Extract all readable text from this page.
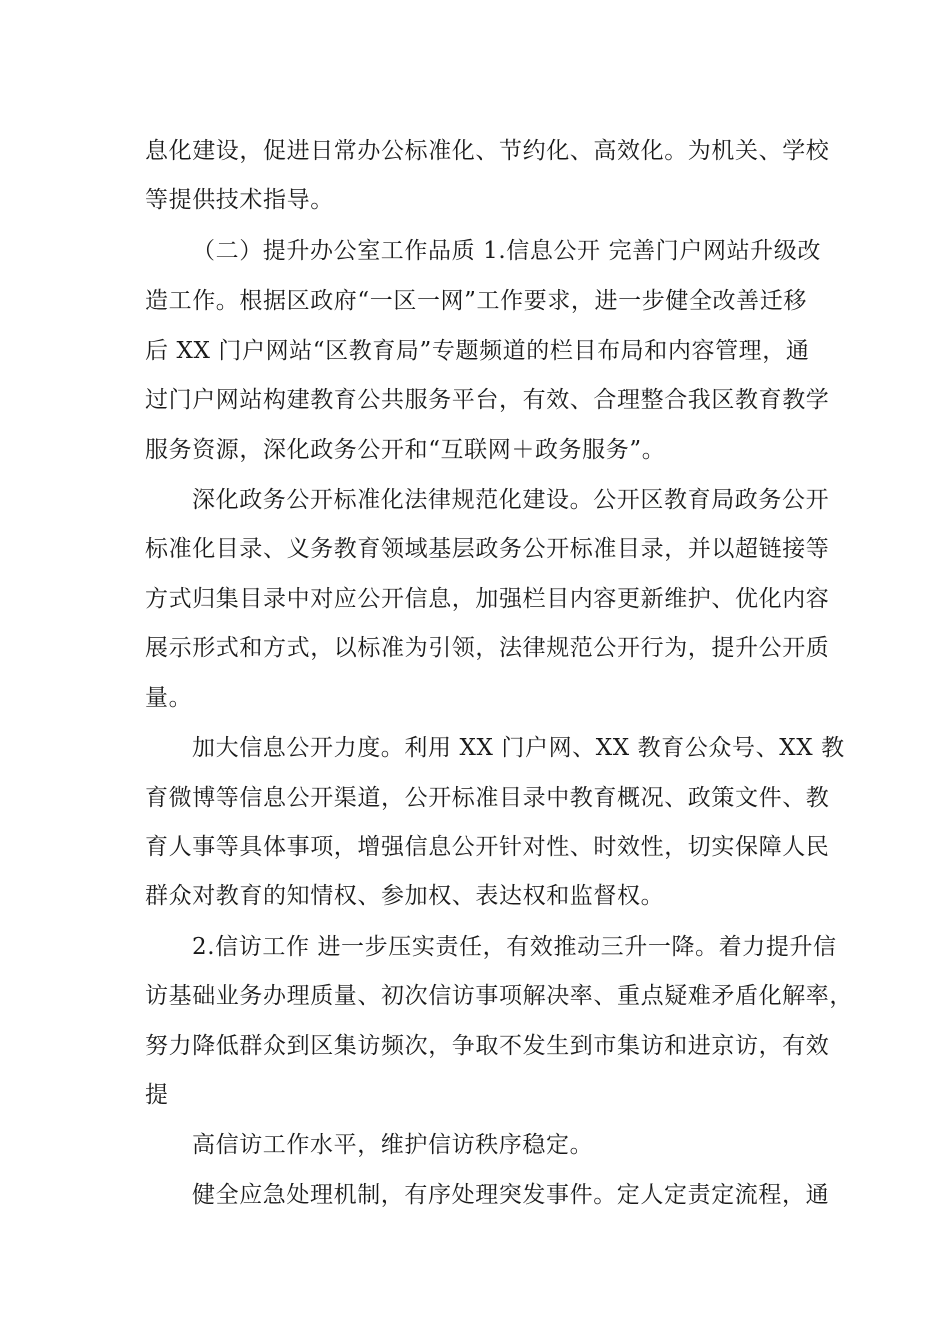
息化建设，促进日常办公标准化、节约化、高效化。为机关、学校
等提供技术指导。
（二）提升办公室工作品质 1.信息公开 完善门户网站升级改
造工作。根据区政府“一区一网”工作要求，进一步健全改善迁移
后 XX 门户网站“区教育局”专题频道的栏目布局和内容管理，通
过门户网站构建教育公共服务平台，有效、合理整合我区教育教学
服务资源，深化政务公开和“互联网＋政务服务”。
深化政务公开标准化法律规范化建设。公开区教育局政务公开
标准化目录、义务教育领域基层政务公开标准目录，并以超链接等
方式归集目录中对应公开信息，加强栏目内容更新维护、优化内容
展示形式和方式，以标准为引领，法律规范公开行为，提升公开质
量。
加大信息公开力度。利用 XX 门户网、XX 教育公众号、XX 教
育微博等信息公开渠道，公开标准目录中教育概况、政策文件、教
育人事等具体事项，增强信息公开针对性、时效性，切实保障人民
群众对教育的知情权、参加权、表达权和监督权。
2.信访工作 进一步压实责任，有效推动三升一降。着力提升信
访基础业务办理质量、初次信访事项解决率、重点疑难矛盾化解率，
努力降低群众到区集访频次，争取不发生到市集访和进京访，有效
提
高信访工作水平，维护信访秩序稳定。
健全应急处理机制，有序处理突发事件。定人定责定流程，通
